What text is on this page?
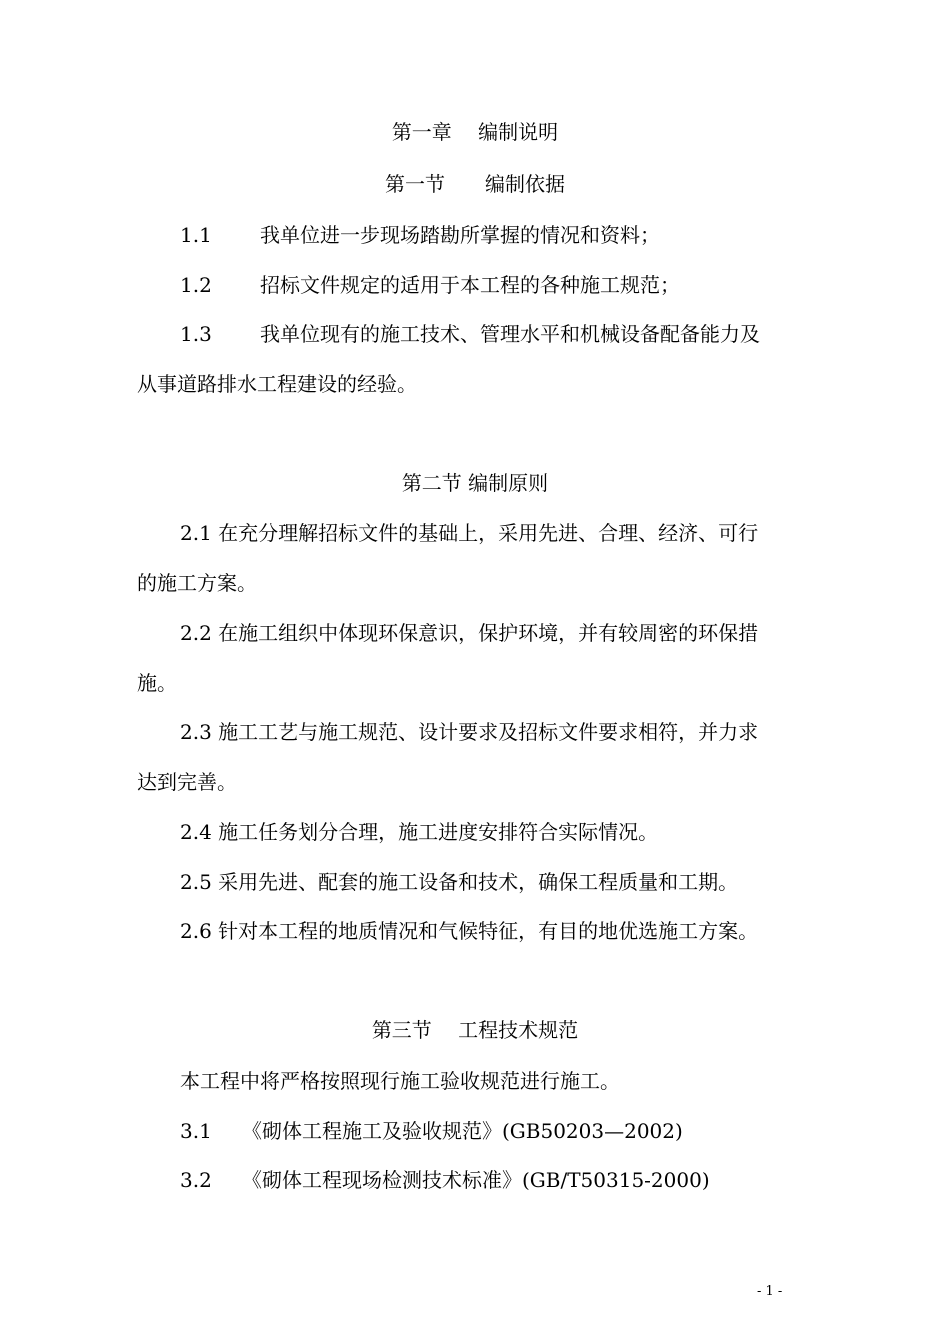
第一章　 编制说明
第一节　　编制依据
1.1 我单位进一步现场踏勘所掌握的情况和资料；
1.2 招标文件规定的适用于本工程的各种施工规范；
1.3 我单位现有的施工技术、管理水平和机械设备配备能力及
从事道路排水工程建设的经验。
第二节 编制原则
2.1 在充分理解招标文件的基础上，采用先进、合理、经济、可行
的施工方案。
2.2 在施工组织中体现环保意识，保护环境，并有较周密的环保措
施。
2.3 施工工艺与施工规范、设计要求及招标文件要求相符，并力求
达到完善。
2.4 施工任务划分合理，施工进度安排符合实际情况。
2.5 采用先进、配套的施工设备和技术，确保工程质量和工期。
2.6 针对本工程的地质情况和气候特征，有目的地优选施工方案。
第三节　 工程技术规范
本工程中将严格按照现行施工验收规范进行施工。
3.1 《砌体工程施工及验收规范》(GB50203—2002)
3.2 《砌体工程现场检测技术标准》(GB/T50315-2000)
- 1 -
